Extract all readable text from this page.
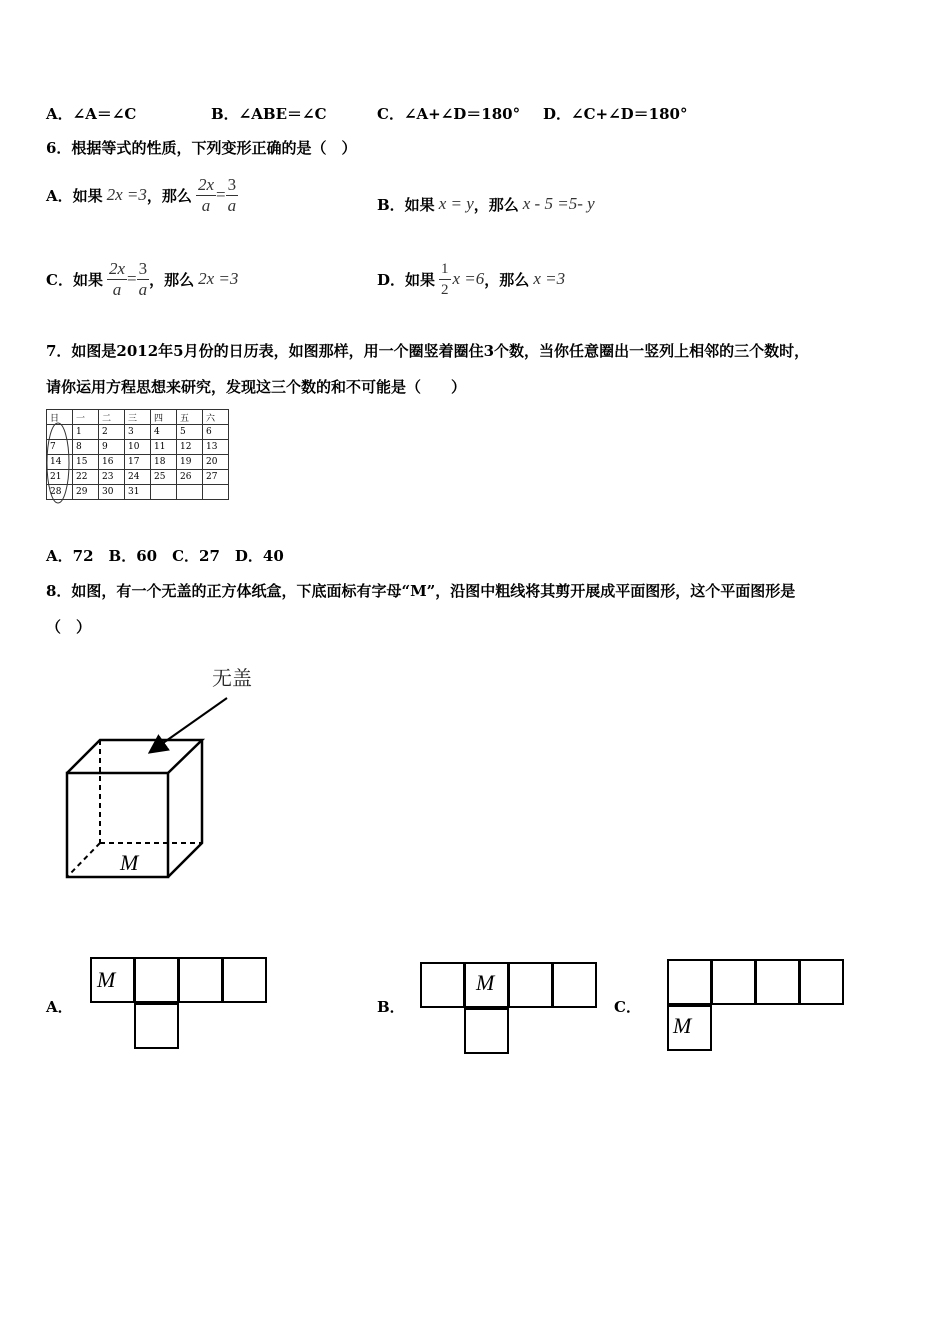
A．∠A＝∠C	B．∠ABE＝∠C	C．∠A+∠D＝180° D．∠C+∠D＝180°
6．根据等式的性质，下列变形正确的是（　）
A．如果 2x =3 ，那么 $\frac{2x}{a} = \frac{3}{a}$	B．如果 x = y ，那么 x - 5 =5- y
C．如果 $\frac{2x}{a} = \frac{3}{a}$ ，那么 2x =3	D．如果 $\frac{1}{2}$ x =6 ，那么 x =3
7．如图是2012年5月份的日历表，如图那样，用一个圈竖着圈住3个数，当你任意圈出一竖列上相邻的三个数时，
请你运用方程思想来研究，发现这三个数的和不可能是（　　）
日	一	二	三	四	五	六
	1	2	3	4	5	6
7	8	9	10	11	12	13
14	15	16	17	18	19	20
21	22	23	24	25	26	27
28	29	30	31			
A．72　B．60　C．27　D．40
8．如图，有一个无盖的正方体纸盒，下底面标有字母“M”，沿图中粗线将其剪开展成平面图形，这个平面图形是
（　）
无盖
M
A．
M
B．
M
C．
M
